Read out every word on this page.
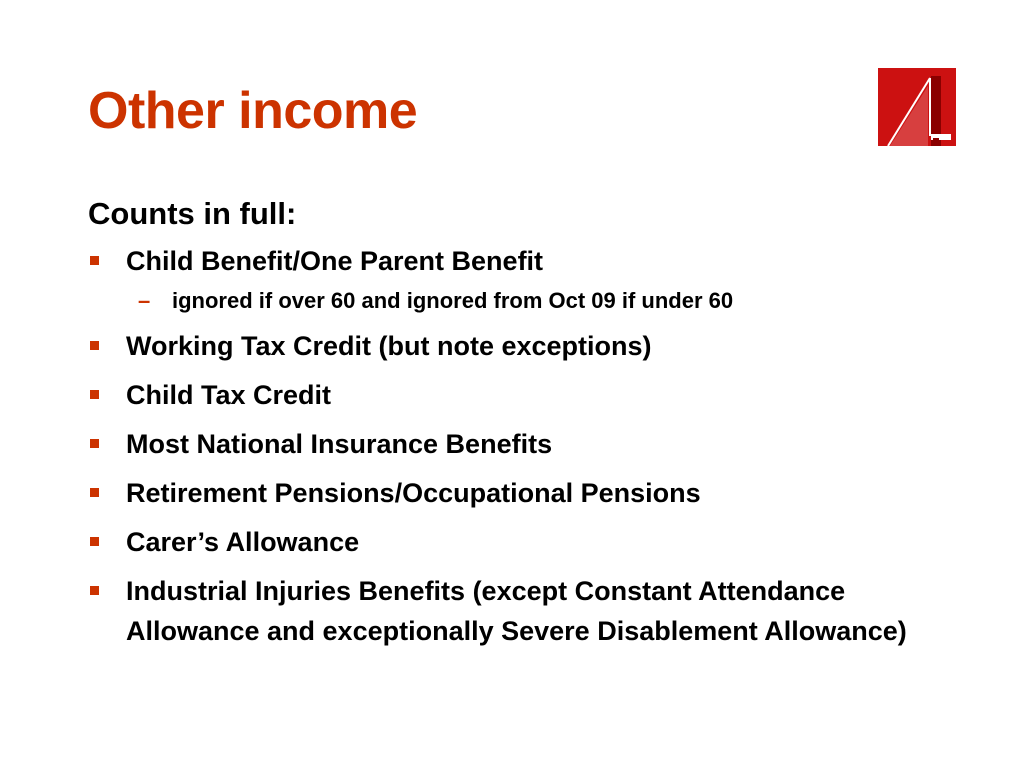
Other income

Counts in full:

Child Benefit/One Parent Benefit
– ignored if over 60 and ignored from Oct 09 if under 60
Working Tax Credit (but note exceptions)
Child Tax Credit
Most National Insurance Benefits
Retirement Pensions/Occupational Pensions
Carer’s Allowance
Industrial Injuries Benefits (except Constant Attendance Allowance and exceptionally Severe Disablement Allowance)
